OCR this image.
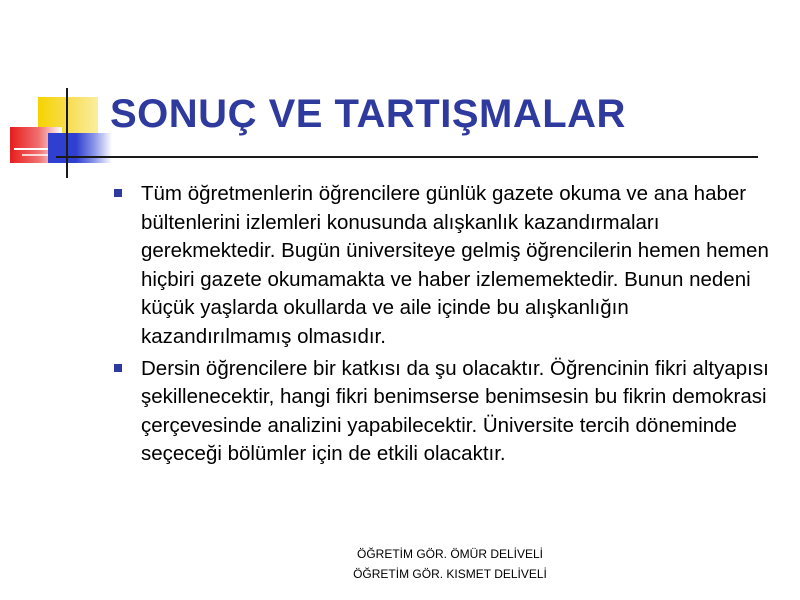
SONUÇ VE TARTIŞMALAR
Tüm öğretmenlerin öğrencilere günlük gazete okuma ve ana haber bültenlerini izlemleri konusunda alışkanlık kazandırmaları gerekmektedir. Bugün üniversiteye gelmiş öğrencilerin hemen hemen hiçbiri gazete okumamakta ve haber izlememektedir. Bunun nedeni küçük yaşlarda okullarda ve aile içinde bu alışkanlığın kazandırılmamış olmasıdır.
Dersin öğrencilere bir katkısı da şu olacaktır. Öğrencinin fikri altyapısı şekillenecektir, hangi fikri benimserse benimsesin bu fikrin demokrasi çerçevesinde analizini yapabilecektir. Üniversite tercih döneminde seçeceği bölümler için de etkili olacaktır.
ÖĞRETİM GÖR. ÖMÜR DELİVELİ
ÖĞRETİM GÖR. KISMET DELİVELİ
